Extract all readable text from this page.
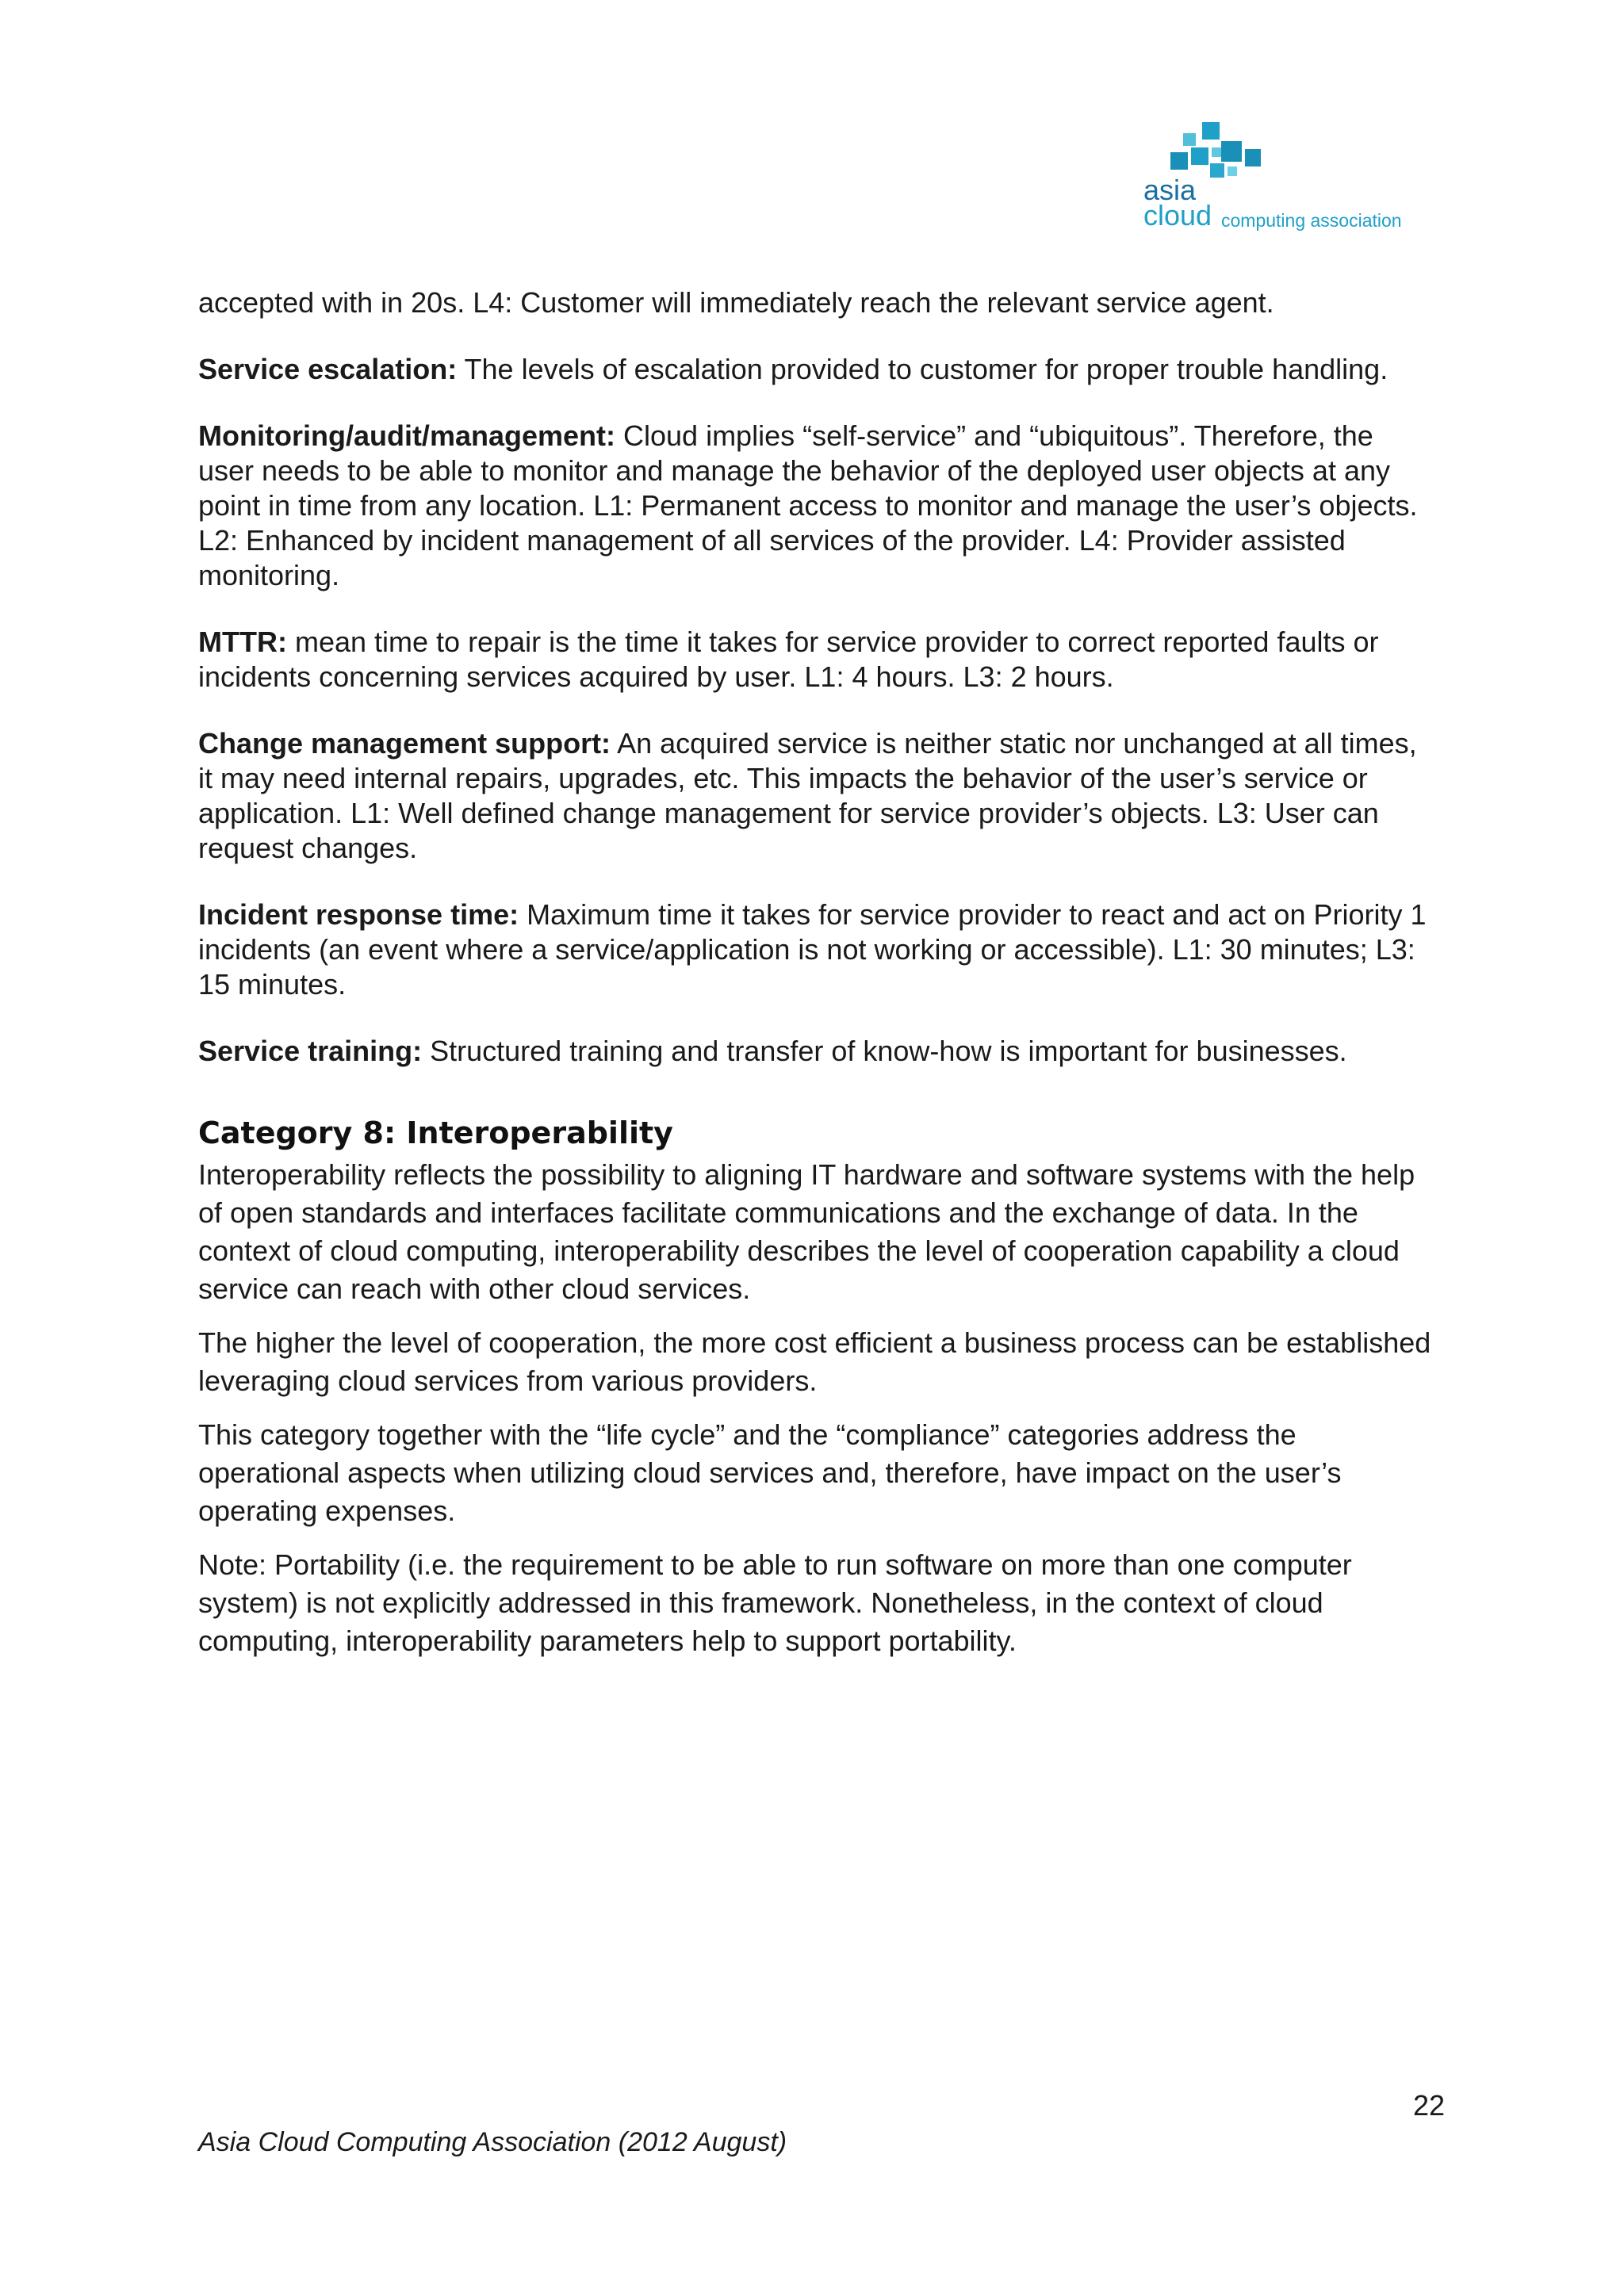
asia
cloud computing association

accepted with in 20s. L4: Customer will immediately reach the relevant service agent.

Service escalation: The levels of escalation provided to customer for proper trouble handling.

Monitoring/audit/management: Cloud implies “self-service” and “ubiquitous”. Therefore, the user needs to be able to monitor and manage the behavior of the deployed user objects at any point in time from any location. L1: Permanent access to monitor and manage the user’s objects. L2: Enhanced by incident management of all services of the provider. L4: Provider assisted monitoring.

MTTR: mean time to repair is the time it takes for service provider to correct reported faults or incidents concerning services acquired by user. L1: 4 hours. L3: 2 hours.

Change management support: An acquired service is neither static nor unchanged at all times, it may need internal repairs, upgrades, etc. This impacts the behavior of the user’s service or application. L1: Well defined change management for service provider’s objects. L3: User can request changes.

Incident response time: Maximum time it takes for service provider to react and act on Priority 1 incidents (an event where a service/application is not working or accessible). L1: 30 minutes; L3: 15 minutes.

Service training: Structured training and transfer of know-how is important for businesses.

Category 8: Interoperability

Interoperability reflects the possibility to aligning IT hardware and software systems with the help of open standards and interfaces facilitate communications and the exchange of data. In the context of cloud computing, interoperability describes the level of cooperation capability a cloud service can reach with other cloud services.

The higher the level of cooperation, the more cost efficient a business process can be established leveraging cloud services from various providers.

This category together with the “life cycle” and the “compliance” categories address the operational aspects when utilizing cloud services and, therefore, have impact on the user’s operating expenses.

Note: Portability (i.e. the requirement to be able to run software on more than one computer system) is not explicitly addressed in this framework. Nonetheless, in the context of cloud computing, interoperability parameters help to support portability.

22
Asia Cloud Computing Association (2012 August)
